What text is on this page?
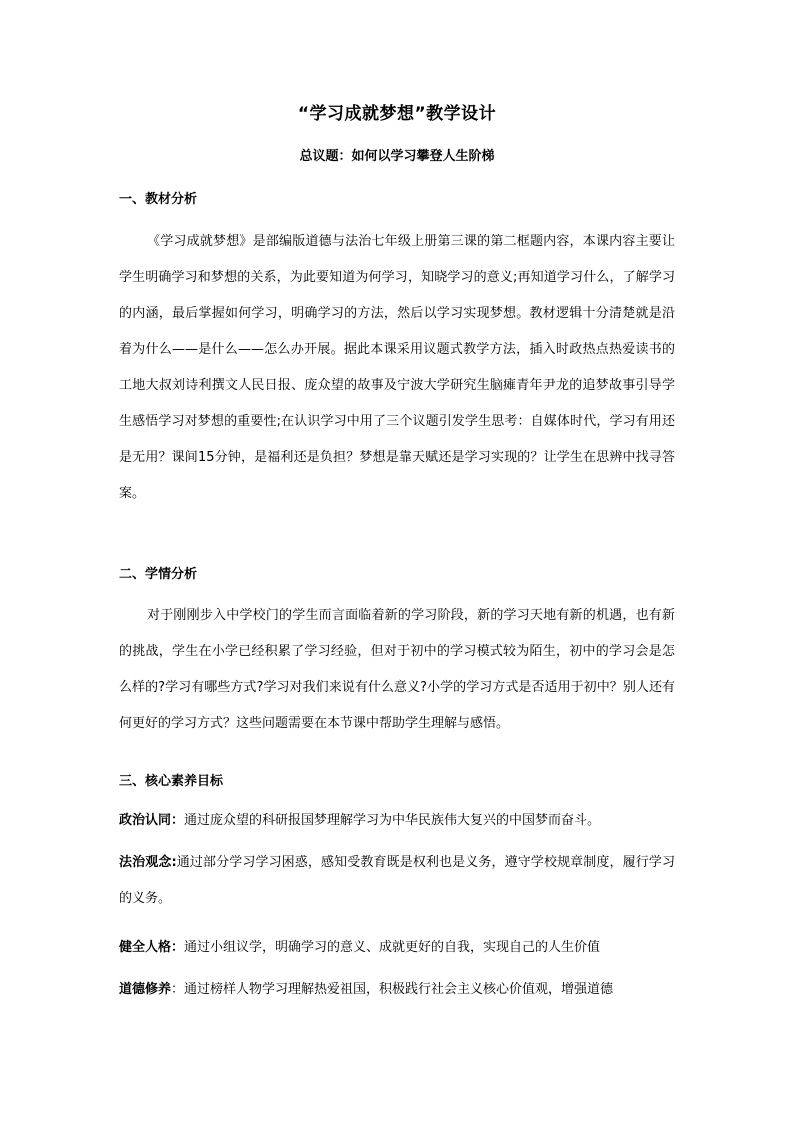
“学习成就梦想”教学设计
总议题：如何以学习攀登人生阶梯
一、教材分析

《学习成就梦想》是部编版道德与法治七年级上册第三课的第二框题内容，本课内容主要让学生明确学习和梦想的关系，为此要知道为何学习，知晓学习的意义;再知道学习什么，了解学习的内涵，最后掌握如何学习，明确学习的方法，然后以学习实现梦想。教材逻辑十分清楚就是沿着为什么——是什么——怎么办开展。据此本课采用议题式教学方法，插入时政热点热爱读书的工地大叔刘诗利撰文人民日报、庞众望的故事及宁波大学研究生脑瘫青年尹龙的追梦故事引导学生感悟学习对梦想的重要性;在认识学习中用了三个议题引发学生思考：自媒体时代，学习有用还是无用？课间15分钟，是福利还是负担？梦想是靠天赋还是学习实现的？让学生在思辨中找寻答案。

二、学情分析

对于刚刚步入中学校门的学生而言面临着新的学习阶段，新的学习天地有新的机遇，也有新的挑战，学生在小学已经积累了学习经验，但对于初中的学习模式较为陌生，初中的学习会是怎么样的?学习有哪些方式?学习对我们来说有什么意义?小学的学习方式是否适用于初中？别人还有何更好的学习方式？这些问题需要在本节课中帮助学生理解与感悟。

三、核心素养目标

政治认同：通过庞众望的科研报国梦理解学习为中华民族伟大复兴的中国梦而奋斗。

法治观念:通过部分学习学习困惑，感知受教育既是权利也是义务，遵守学校规章制度，履行学习的义务。

健全人格：通过小组议学，明确学习的意义、成就更好的自我，实现自己的人生价值

道德修养：通过榜样人物学习理解热爱祖国，积极践行社会主义核心价值观，增强道德
